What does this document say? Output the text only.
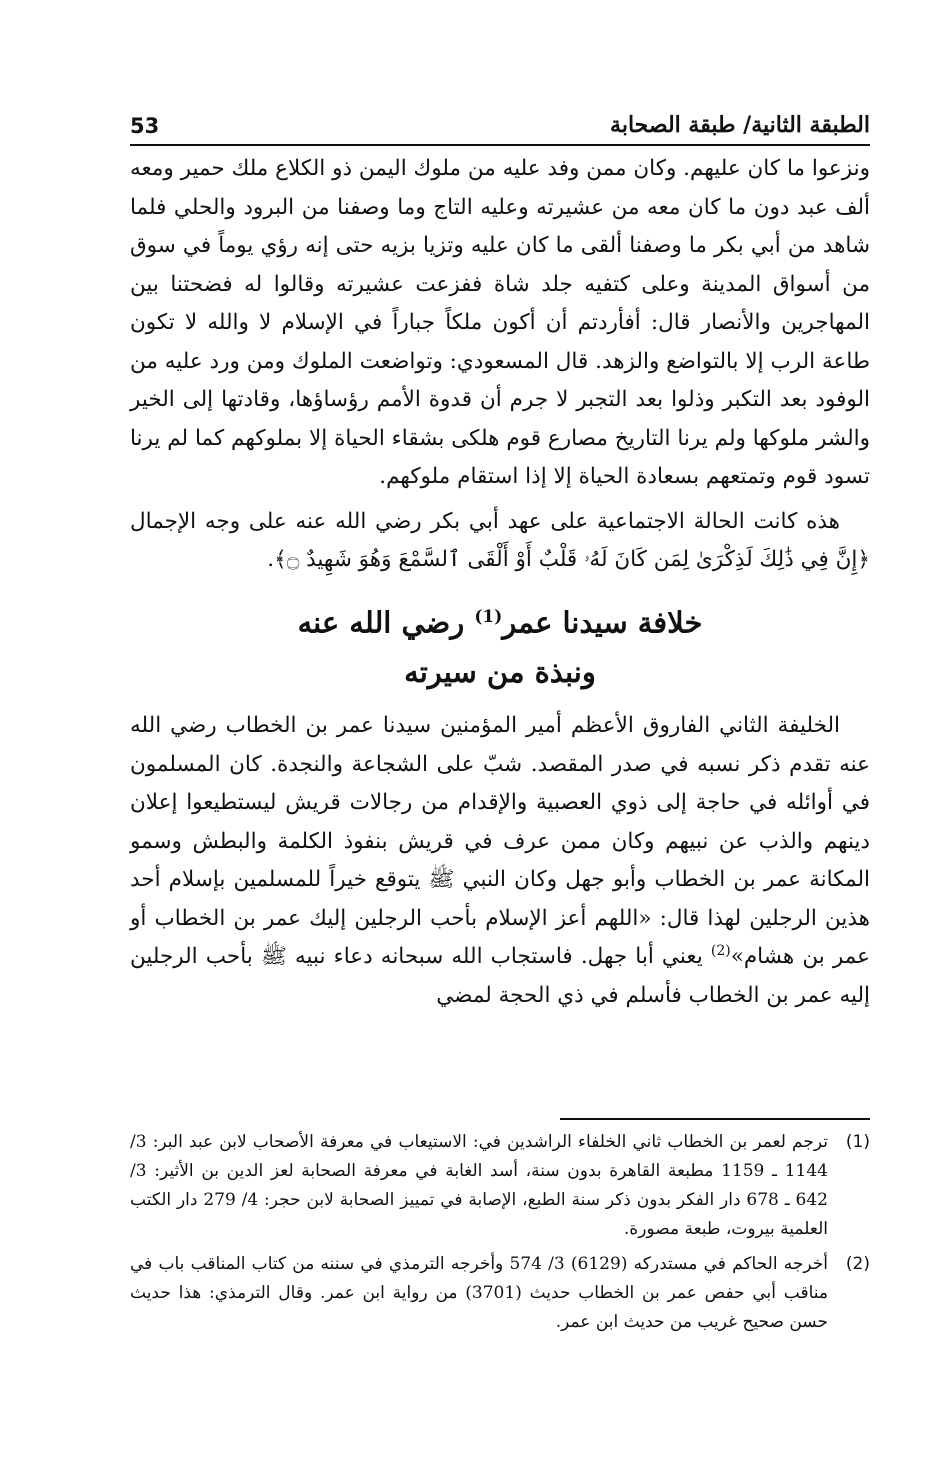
الطبقة الثانية/ طبقة الصحابة
53

ونزعوا ما كان عليهم. وكان ممن وفد عليه من ملوك اليمن ذو الكلاع ملك حمير ومعه ألف عبد دون ما كان معه من عشيرته وعليه التاج وما وصفنا من البرود والحلي فلما شاهد من أبي بكر ما وصفنا ألقى ما كان عليه وتزيا بزيه حتى إنه رؤي يوماً في سوق من أسواق المدينة وعلى كتفيه جلد شاة ففزعت عشيرته وقالوا له فضحتنا بين المهاجرين والأنصار قال: أفأردتم أن أكون ملكاً جباراً في الإسلام لا والله لا تكون طاعة الرب إلا بالتواضع والزهد. قال المسعودي: وتواضعت الملوك ومن ورد عليه من الوفود بعد التكبر وذلوا بعد التجبر لا جرم أن قدوة الأمم رؤساؤها، وقادتها إلى الخير والشر ملوكها ولم يرنا التاريخ مصارع قوم هلكى بشقاء الحياة إلا بملوكهم كما لم يرنا تسود قوم وتمتعهم بسعادة الحياة إلا إذا استقام ملوكهم.

هذه كانت الحالة الاجتماعية على عهد أبي بكر رضي الله عنه على وجه الإجمال ﴿إِنَّ فِي ذَٰلِكَ لَذِكْرَىٰ لِمَن كَانَ لَهُۥ قَلْبٌ أَوْ أَلْقَى ٱلسَّمْعَ وَهُوَ شَهِيدٌ ۝﴾.

خلافة سيدنا عمر$^{(1)}$ رضي الله عنه
ونبذة من سيرته

الخليفة الثاني الفاروق الأعظم أمير المؤمنين سيدنا عمر بن الخطاب رضي الله عنه تقدم ذكر نسبه في صدر المقصد. شبّ على الشجاعة والنجدة. كان المسلمون في أوائله في حاجة إلى ذوي العصبية والإقدام من رجالات قريش ليستطيعوا إعلان دينهم والذب عن نبيهم وكان ممن عرف في قريش بنفوذ الكلمة والبطش وسمو المكانة عمر بن الخطاب وأبو جهل وكان النبي ﷺ يتوقع خيراً للمسلمين بإسلام أحد هذين الرجلين لهذا قال: «اللهم أعز الإسلام بأحب الرجلين إليك عمر بن الخطاب أو عمر بن هشام»$^{(2)}$ يعني أبا جهل. فاستجاب الله سبحانه دعاء نبيه ﷺ بأحب الرجلين إليه عمر بن الخطاب فأسلم في ذي الحجة لمضي

(1)
ترجم لعمر بن الخطاب ثاني الخلفاء الراشدين في: الاستيعاب في معرفة الأصحاب لابن عبد البر: 3/ 1144 ـ 1159 مطبعة القاهرة بدون سنة، أسد الغابة في معرفة الصحابة لعز الدين بن الأثير: 3/ 642 ـ 678 دار الفكر بدون ذكر سنة الطبع، الإصابة في تمييز الصحابة لابن حجر: 4/ 279 دار الكتب العلمية بيروت، طبعة مصورة.
(2)
أخرجه الحاكم في مستدركه (6129) 3/ 574 وأخرجه الترمذي في سننه من كتاب المناقب باب في مناقب أبي حفص عمر بن الخطاب حديث (3701) من رواية ابن عمر. وقال الترمذي: هذا حديث حسن صحيح غريب من حديث ابن عمر.
